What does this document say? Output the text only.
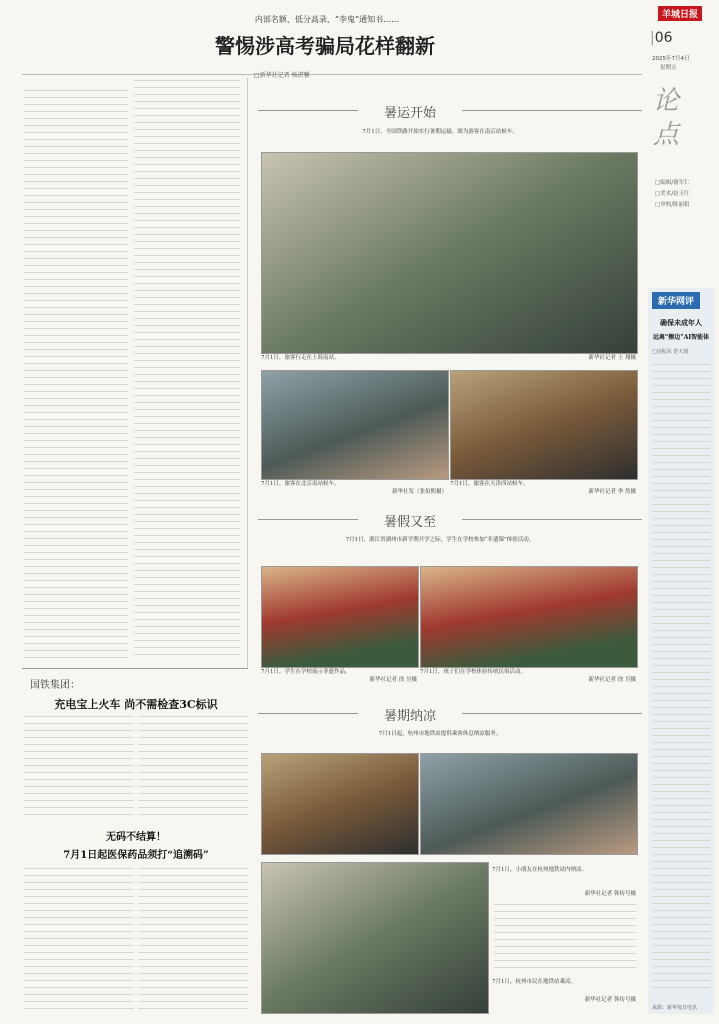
羊城日报
|06
2025年7月4日
星期五
论 点
□编辑/谢军仁
□美术/赵玉红
□审校/陈丽娟
内部名额、低分高录、“李鬼”通知书……
警惕涉高考骗局花样翻新
□新华社记者 杨湛馨
暑运开始
7月1日，全国铁路开始实行暑期运输。图为游客在南京站候车。
7月1日，旅客行走在上海南站。	新华社记者 王 翔摄
7月1日，旅客在北京南站候车。	7月1日，旅客在天津西站候车。
新华社发（张伯熙摄）	新华社记者 李 然摄
暑假又至
7月1日，浙江省湖州市新学期开学之际，学生在学校参加“非遗课”体验活动。
7月1日，学生在学校展示非遗作品。
新华社记者 徐 昱摄
7月1日，孩子们在学校体验传统民俗活动。
新华社记者 徐 昱摄
暑期纳凉
7月1日起，杭州市地铁站提供乘客休息纳凉服务。
7月1日，小朋友在杭州地铁站内纳凉。
新华社记者 韩传号摄
7月1日，杭州市民在地铁站乘凉。
新华社记者 韩传号摄
国铁集团：
充电宝上火车 尚不需检查3C标识
无码不结算！
7月1日起医保药品须打“追溯码”
新华网评
确保未成年人
远离“擦边”AI智能体
□吴振东 范天琦
来源：新华每日电讯
